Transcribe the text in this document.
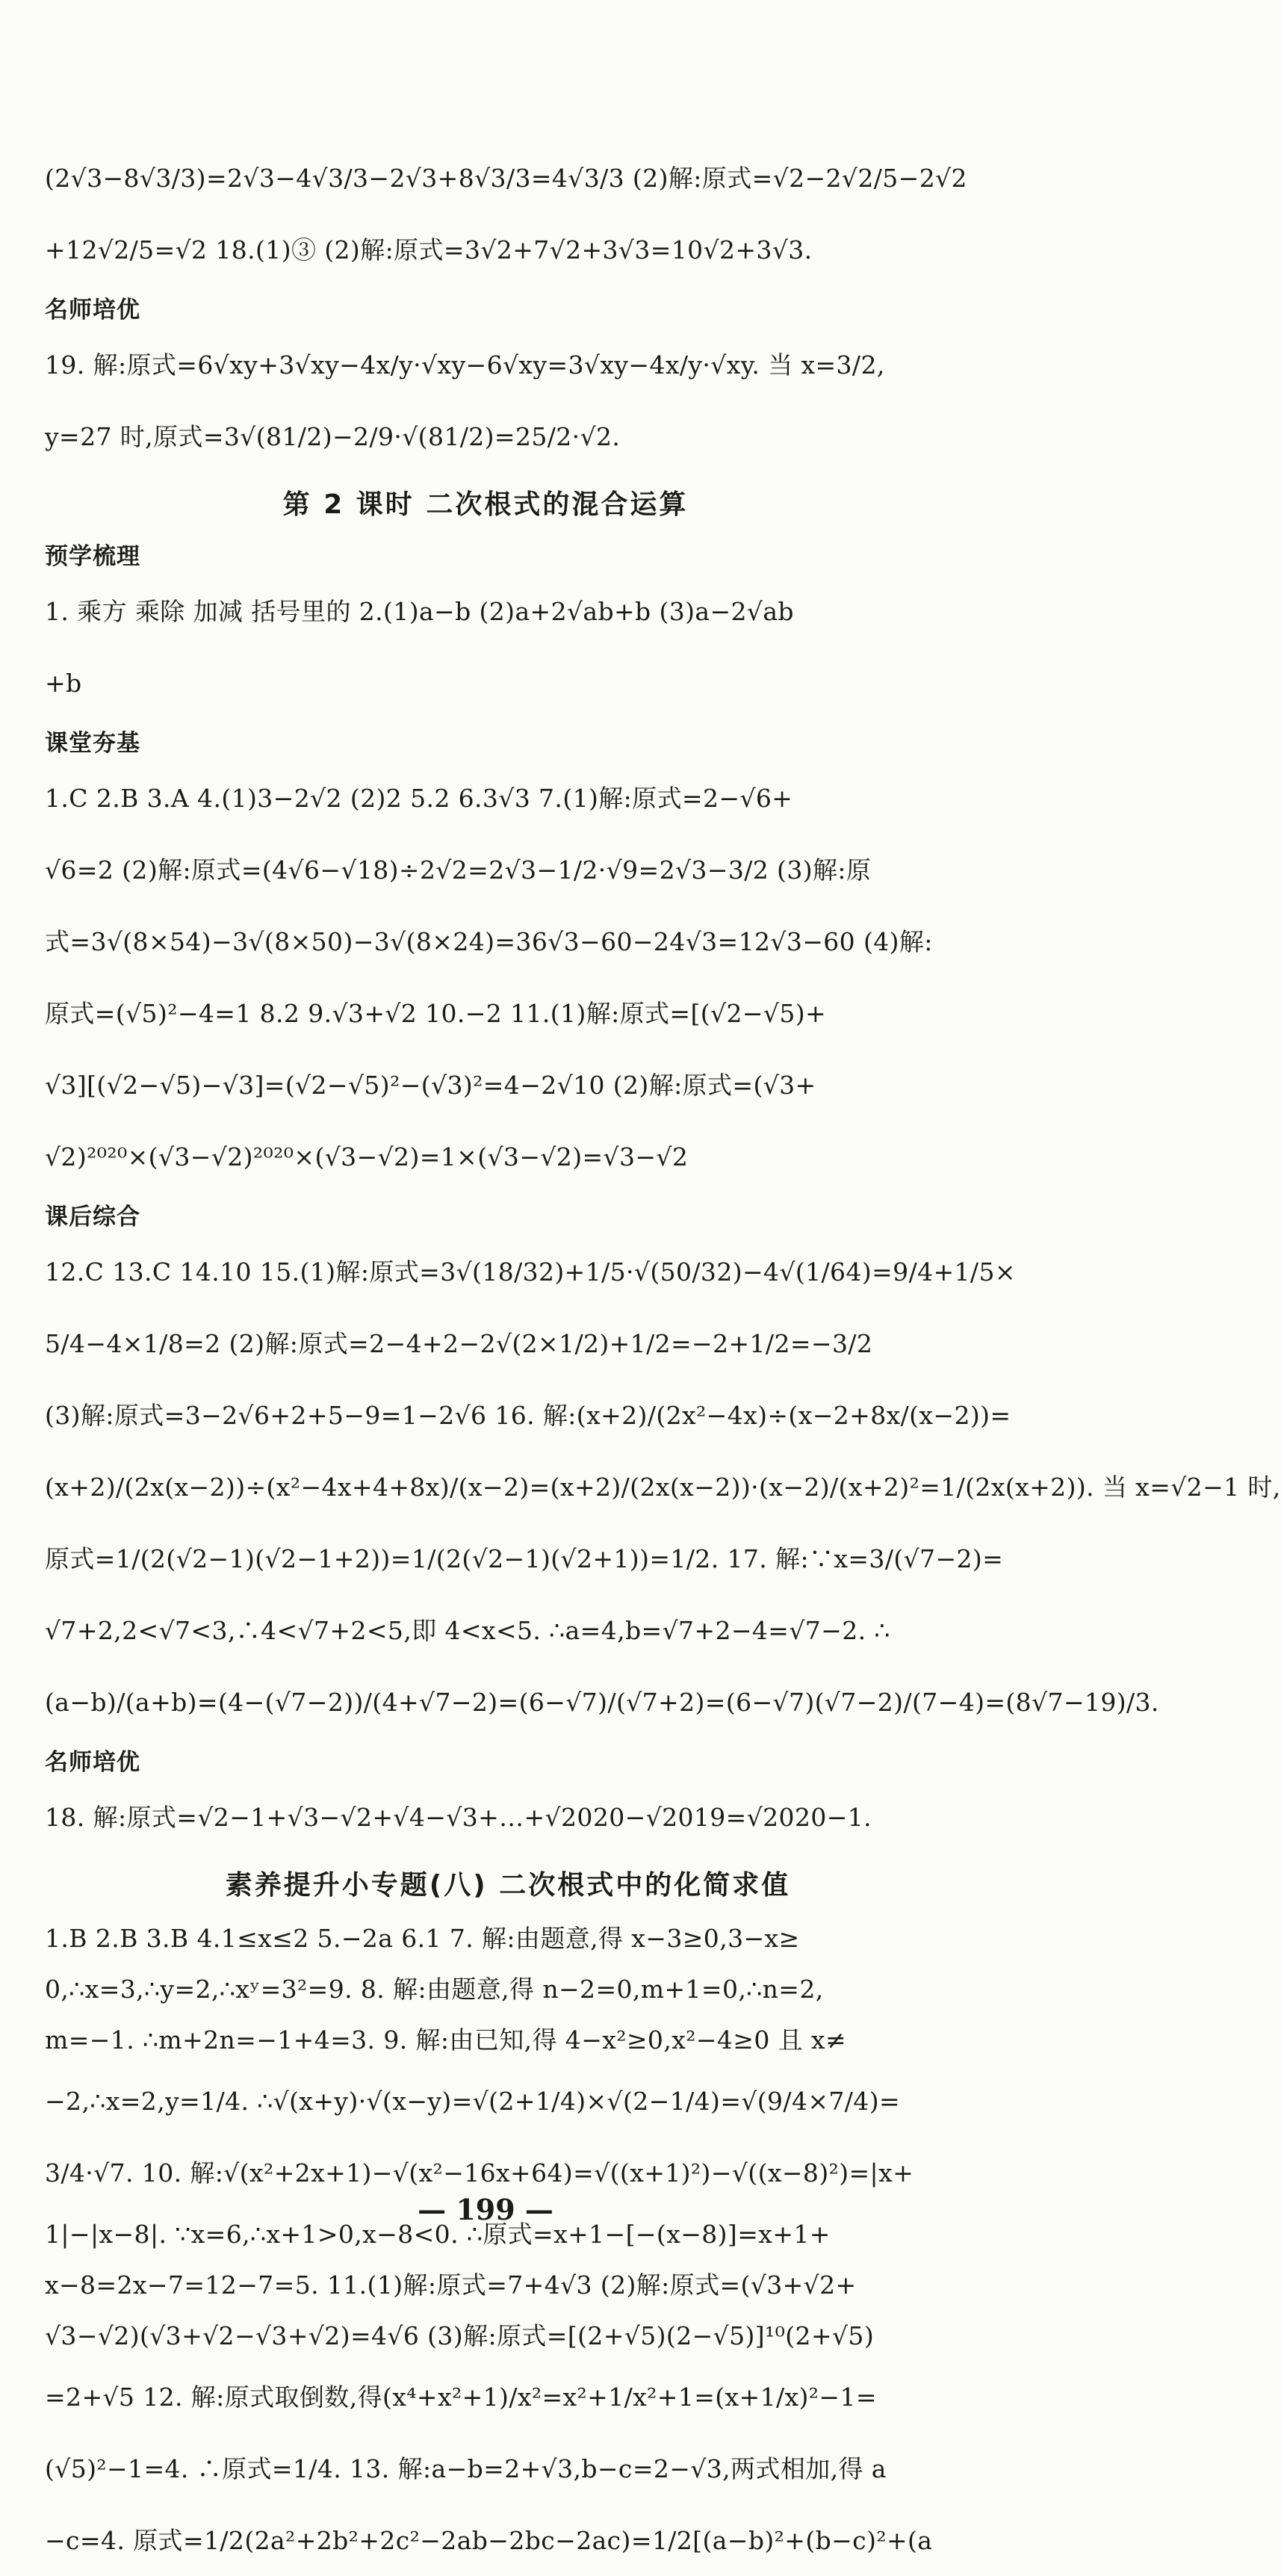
(2√3−8√3/3)=2√3−4√3/3−2√3+8√3/3=4√3/3 (2)解:原式=√2−2√2/5−2√2
+12√2/5=√2 18.(1)③ (2)解:原式=3√2+7√2+3√3=10√2+3√3.
名师培优
19. 解:原式=6√xy+3√xy−4x/y·√xy−6√xy=3√xy−4x/y·√xy. 当 x=3/2,
y=27 时,原式=3√(81/2)−2/9·√(81/2)=25/2·√2.
第 2 课时 二次根式的混合运算
预学梳理
1. 乘方 乘除 加减 括号里的 2.(1)a−b (2)a+2√ab+b (3)a−2√ab
+b
课堂夯基
1.C 2.B 3.A 4.(1)3−2√2 (2)2 5.2 6.3√3 7.(1)解:原式=2−√6+
√6=2 (2)解:原式=(4√6−√18)÷2√2=2√3−1/2·√9=2√3−3/2 (3)解:原
式=3√(8×54)−3√(8×50)−3√(8×24)=36√3−60−24√3=12√3−60 (4)解:
原式=(√5)²−4=1 8.2 9.√3+√2 10.−2 11.(1)解:原式=[(√2−√5)+
√3][(√2−√5)−√3]=(√2−√5)²−(√3)²=4−2√10 (2)解:原式=(√3+
√2)²⁰²⁰×(√3−√2)²⁰²⁰×(√3−√2)=1×(√3−√2)=√3−√2
课后综合
12.C 13.C 14.10 15.(1)解:原式=3√(18/32)+1/5·√(50/32)−4√(1/64)=9/4+1/5×
5/4−4×1/8=2 (2)解:原式=2−4+2−2√(2×1/2)+1/2=−2+1/2=−3/2
(3)解:原式=3−2√6+2+5−9=1−2√6 16. 解:(x+2)/(2x²−4x)÷(x−2+8x/(x−2))=
(x+2)/(2x(x−2))÷(x²−4x+4+8x)/(x−2)=(x+2)/(2x(x−2))·(x−2)/(x+2)²=1/(2x(x+2)). 当 x=√2−1 时,
原式=1/(2(√2−1)(√2−1+2))=1/(2(√2−1)(√2+1))=1/2. 17. 解:∵x=3/(√7−2)=
√7+2,2<√7<3,∴4<√7+2<5,即 4<x<5. ∴a=4,b=√7+2−4=√7−2. ∴
(a−b)/(a+b)=(4−(√7−2))/(4+√7−2)=(6−√7)/(√7+2)=(6−√7)(√7−2)/(7−4)=(8√7−19)/3.
名师培优
18. 解:原式=√2−1+√3−√2+√4−√3+…+√2020−√2019=√2020−1.
素养提升小专题(八) 二次根式中的化简求值
1.B 2.B 3.B 4.1≤x≤2 5.−2a 6.1 7. 解:由题意,得 x−3≥0,3−x≥
0,∴x=3,∴y=2,∴xʸ=3²=9. 8. 解:由题意,得 n−2=0,m+1=0,∴n=2,
m=−1. ∴m+2n=−1+4=3. 9. 解:由已知,得 4−x²≥0,x²−4≥0 且 x≠
−2,∴x=2,y=1/4. ∴√(x+y)·√(x−y)=√(2+1/4)×√(2−1/4)=√(9/4×7/4)=
3/4·√7. 10. 解:√(x²+2x+1)−√(x²−16x+64)=√((x+1)²)−√((x−8)²)=|x+
1|−|x−8|. ∵x=6,∴x+1>0,x−8<0. ∴原式=x+1−[−(x−8)]=x+1+
x−8=2x−7=12−7=5. 11.(1)解:原式=7+4√3 (2)解:原式=(√3+√2+
√3−√2)(√3+√2−√3+√2)=4√6 (3)解:原式=[(2+√5)(2−√5)]¹⁰(2+√5)
=2+√5 12. 解:原式取倒数,得(x⁴+x²+1)/x²=x²+1/x²+1=(x+1/x)²−1=
(√5)²−1=4. ∴原式=1/4. 13. 解:a−b=2+√3,b−c=2−√3,两式相加,得 a
−c=4. 原式=1/2(2a²+2b²+2c²−2ab−2bc−2ac)=1/2[(a−b)²+(b−c)²+(a
— 199 —
